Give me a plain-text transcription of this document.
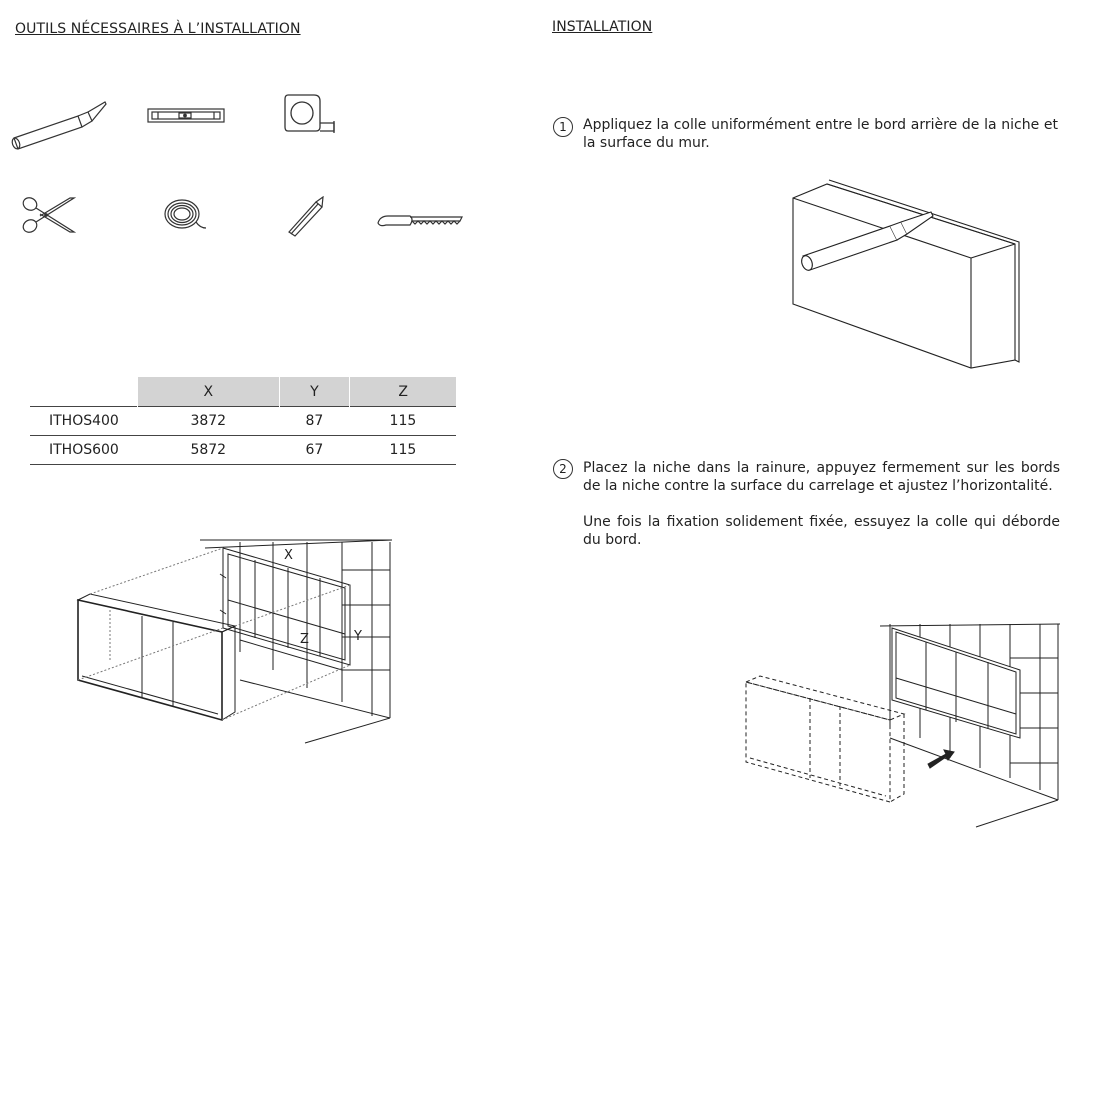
OUTILS NÉCESSAIRES À L’INSTALLATION	INSTALLATION
	X	Y	Z
ITHOS400	3872	87	115
ITHOS600	5872	67	115
X
Y
Z
1	Appliquez la colle uniformément entre le bord arrière de la niche et la surface du mur.
2	Placez la niche dans la rainure, appuyez fermement sur les bords de la niche contre la surface du carrelage et ajustez l’horizontalité.
Une fois la fixation solidement fixée, essuyez la colle qui déborde du bord.
